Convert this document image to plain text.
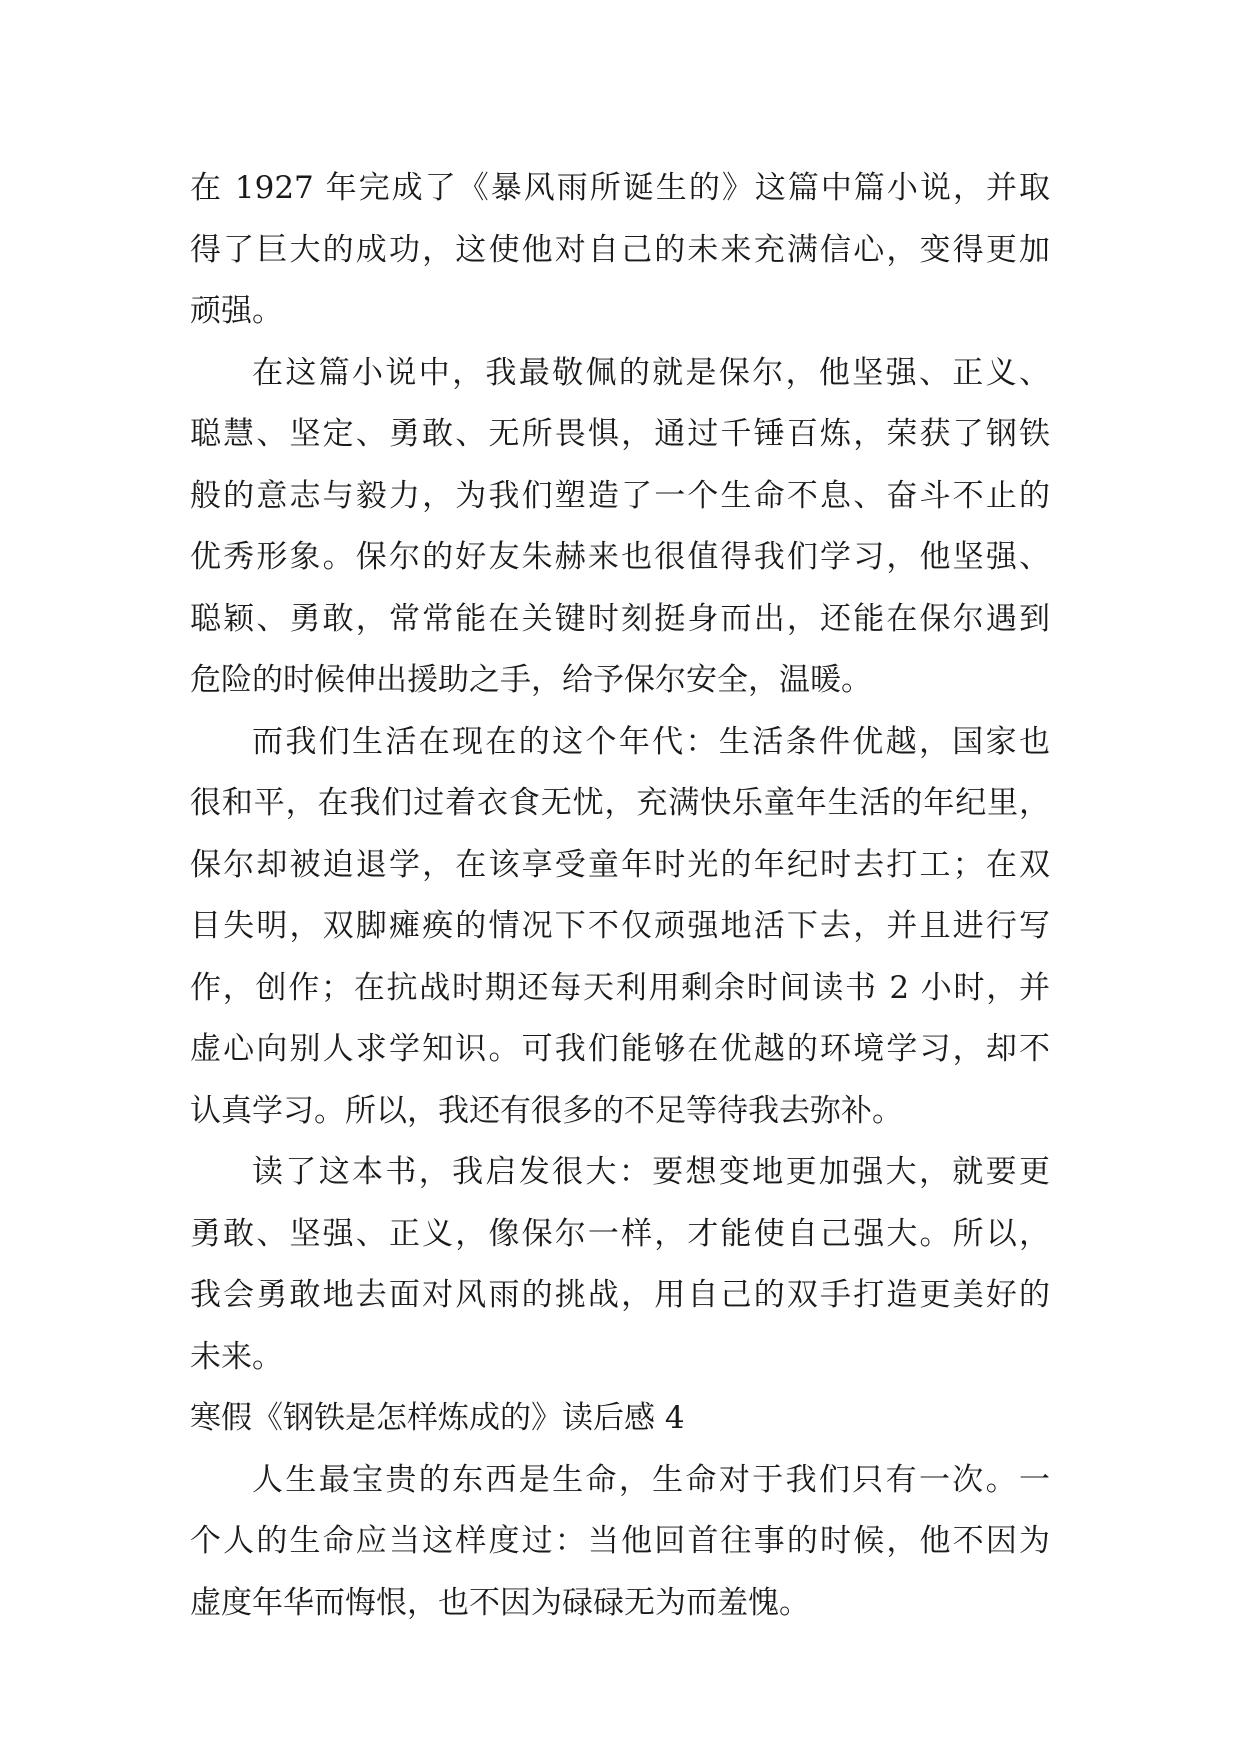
在 1927 年完成了《暴风雨所诞生的》这篇中篇小说，并取
得了巨大的成功，这使他对自己的未来充满信心，变得更加
顽强。
在这篇小说中，我最敬佩的就是保尔，他坚强、正义、
聪慧、坚定、勇敢、无所畏惧，通过千锤百炼，荣获了钢铁
般的意志与毅力，为我们塑造了一个生命不息、奋斗不止的
优秀形象。保尔的好友朱赫来也很值得我们学习，他坚强、
聪颖、勇敢，常常能在关键时刻挺身而出，还能在保尔遇到
危险的时候伸出援助之手，给予保尔安全，温暖。
而我们生活在现在的这个年代：生活条件优越，国家也
很和平，在我们过着衣食无忧，充满快乐童年生活的年纪里，
保尔却被迫退学，在该享受童年时光的年纪时去打工；在双
目失明，双脚瘫痪的情况下不仅顽强地活下去，并且进行写
作，创作；在抗战时期还每天利用剩余时间读书 2 小时，并
虚心向别人求学知识。可我们能够在优越的环境学习，却不
认真学习。所以，我还有很多的不足等待我去弥补。
读了这本书，我启发很大：要想变地更加强大，就要更
勇敢、坚强、正义，像保尔一样，才能使自己强大。所以，
我会勇敢地去面对风雨的挑战，用自己的双手打造更美好的
未来。
寒假《钢铁是怎样炼成的》读后感 4
人生最宝贵的东西是生命，生命对于我们只有一次。一
个人的生命应当这样度过：当他回首往事的时候，他不因为
虚度年华而悔恨，也不因为碌碌无为而羞愧。
